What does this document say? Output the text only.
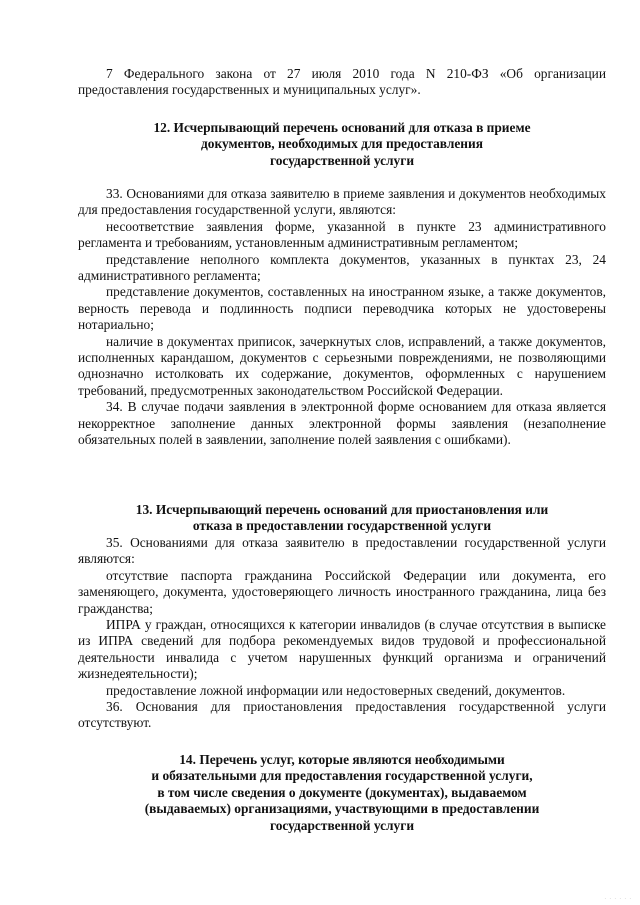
7 Федерального закона от 27 июля 2010 года N 210-ФЗ «Об организации предоставления государственных и муниципальных услуг».

12. Исчерпывающий перечень оснований для отказа в приеме
документов, необходимых для предоставления
государственной услуги

33. Основаниями для отказа заявителю в приеме заявления и документов необходимых для предоставления государственной услуги, являются:

несоответствие заявления форме, указанной в пункте 23 административного регламента и требованиям, установленным административным регламентом;

представление неполного комплекта документов, указанных в пунктах 23, 24 административного регламента;

представление документов, составленных на иностранном языке, а также документов, верность перевода и подлинность подписи переводчика которых не удостоверены нотариально;

наличие в документах приписок, зачеркнутых слов, исправлений, а также документов, исполненных карандашом, документов с серьезными повреждениями, не позволяющими однозначно истолковать их содержание, документов, оформленных с нарушением требований, предусмотренных законодательством Российской Федерации.

34. В случае подачи заявления в электронной форме основанием для отказа является некорректное заполнение данных электронной формы заявления (незаполнение обязательных полей в заявлении, заполнение полей заявления с ошибками).

13. Исчерпывающий перечень оснований для приостановления или
отказа в предоставлении государственной услуги

35. Основаниями для отказа заявителю в предоставлении государственной услуги являются:

отсутствие паспорта гражданина Российской Федерации или документа, его заменяющего, документа, удостоверяющего личность иностранного гражданина, лица без гражданства;

ИПРА у граждан, относящихся к категории инвалидов (в случае отсутствия в выписке из ИПРА сведений для подбора рекомендуемых видов трудовой и профессиональной деятельности инвалида с учетом нарушенных функций организма и ограничений жизнедеятельности);

предоставление ложной информации или недостоверных сведений, документов.

36. Основания для приостановления предоставления государственной услуги отсутствуют.

14. Перечень услуг, которые являются необходимыми
и обязательными для предоставления государственной услуги,
в том числе сведения о документе (документах), выдаваемом
(выдаваемых) организациями, участвующими в предоставлении
государственной услуги
. . . . . .
